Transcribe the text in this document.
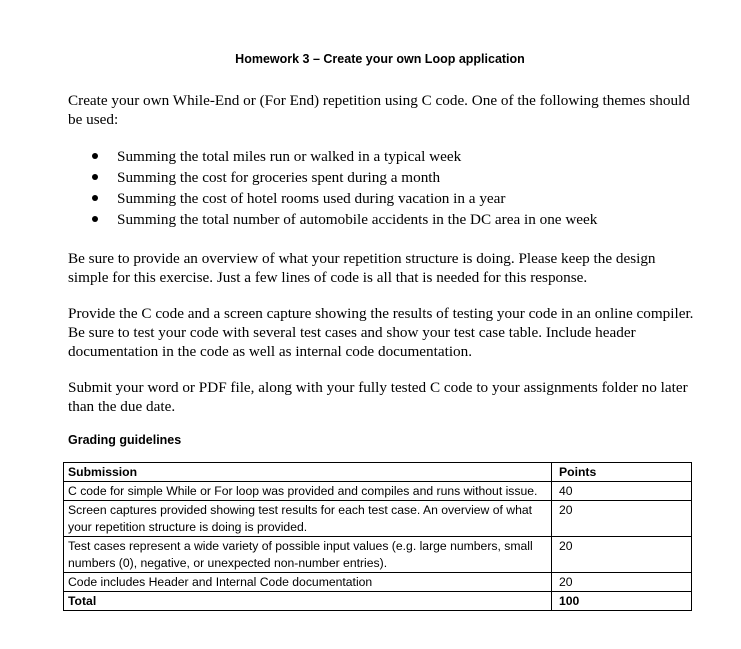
Homework 3 – Create your own Loop application
Create your own While-End or (For End) repetition using C code. One of the following themes should be used:
Summing the total miles run or walked in a typical week
Summing the cost for groceries spent during a month
Summing the cost of hotel rooms used during vacation in a year
Summing the total number of automobile accidents in the DC area in one week
Be sure to provide an overview of what your repetition structure is doing. Please keep the design simple for this exercise. Just a few lines of code is all that is needed for this response.
Provide the C code and a screen capture showing the results of testing your code in an online compiler. Be sure to test your code with several test cases and show your test case table. Include header documentation in the code as well as internal code documentation.
Submit your word or PDF file, along with your fully tested C code to your assignments folder no later than the due date.
Grading guidelines
Submission	Points
C code for simple While or For loop was provided and compiles and runs without issue.	40
Screen captures provided showing test results for each test case. An overview of what your repetition structure is doing is provided.	20
Test cases represent a wide variety of possible input values (e.g. large numbers, small numbers (0), negative, or unexpected non-number entries).	20
Code includes Header and Internal Code documentation	20
Total	100
